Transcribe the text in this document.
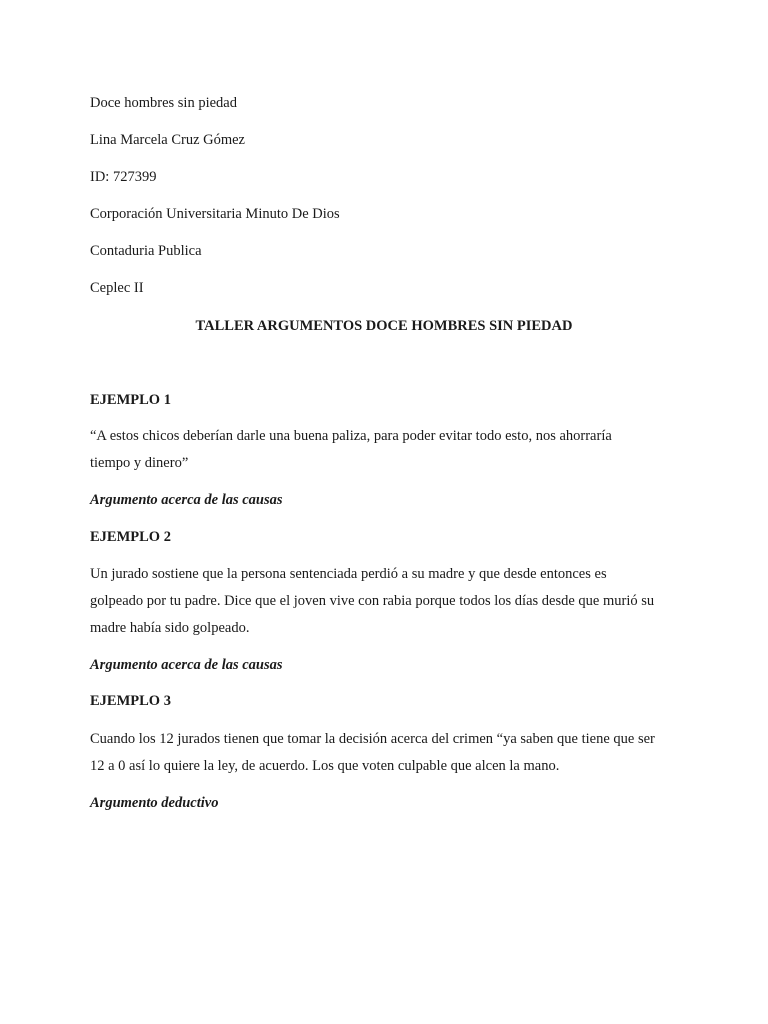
Doce hombres sin piedad
Lina Marcela Cruz Gómez
ID: 727399
Corporación Universitaria Minuto De Dios
Contaduria Publica
Ceplec II
TALLER ARGUMENTOS DOCE HOMBRES SIN PIEDAD
EJEMPLO 1
“A estos chicos deberían darle una buena paliza, para poder evitar todo esto, nos ahorraría
tiempo y dinero”
Argumento acerca de las causas
EJEMPLO 2
Un jurado sostiene que la persona sentenciada perdió a su madre y que desde entonces es
golpeado por tu padre. Dice que el joven vive con rabia porque todos los días desde que murió su
madre había sido golpeado.
Argumento acerca de las causas
EJEMPLO 3
Cuando los 12 jurados tienen que tomar la decisión acerca del crimen “ya saben que tiene que ser
12 a 0 así lo quiere la ley, de acuerdo. Los que voten culpable que alcen la mano.
Argumento deductivo
